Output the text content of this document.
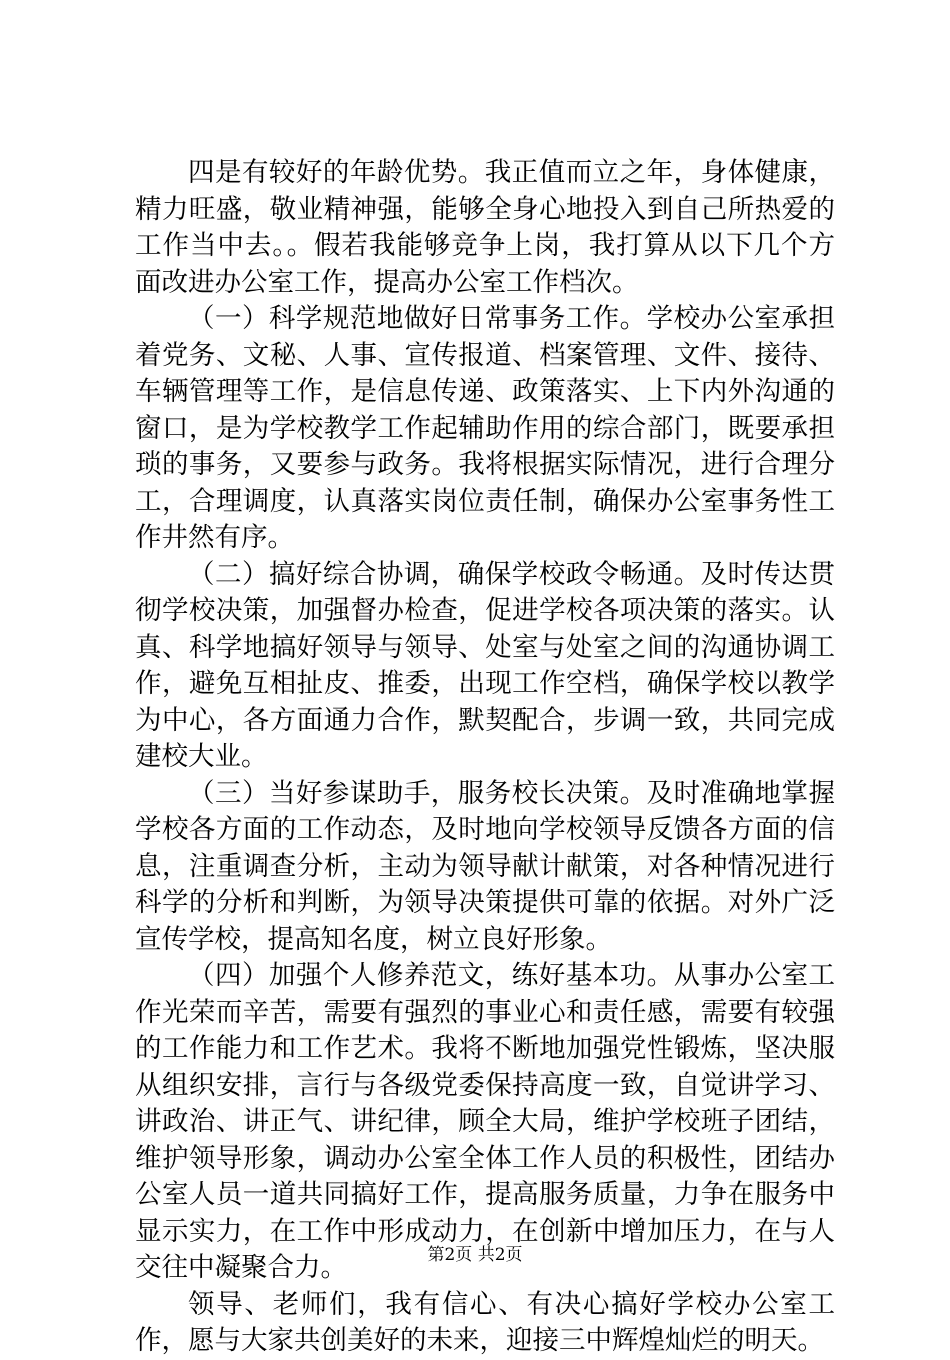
四是有较好的年龄优势。我正值而立之年，身体健康，精力旺盛，敬业精神强，能够全身心地投入到自己所热爱的工作当中去。。假若我能够竞争上岗，我打算从以下几个方面改进办公室工作，提高办公室工作档次。

（一）科学规范地做好日常事务工作。学校办公室承担着党务、文秘、人事、宣传报道、档案管理、文件、接待、车辆管理等工作，是信息传递、政策落实、上下内外沟通的窗口，是为学校教学工作起辅助作用的综合部门，既要承担琐的事务，又要参与政务。我将根据实际情况，进行合理分工，合理调度，认真落实岗位责任制，确保办公室事务性工作井然有序。

（二）搞好综合协调，确保学校政令畅通。及时传达贯彻学校决策，加强督办检查，促进学校各项决策的落实。认真、科学地搞好领导与领导、处室与处室之间的沟通协调工作，避免互相扯皮、推委，出现工作空档，确保学校以教学为中心，各方面通力合作，默契配合，步调一致，共同完成建校大业。

（三）当好参谋助手，服务校长决策。及时准确地掌握学校各方面的工作动态，及时地向学校领导反馈各方面的信息，注重调查分析，主动为领导献计献策，对各种情况进行科学的分析和判断，为领导决策提供可靠的依据。对外广泛宣传学校，提高知名度，树立良好形象。

（四）加强个人修养范文，练好基本功。从事办公室工作光荣而辛苦，需要有强烈的事业心和责任感，需要有较强的工作能力和工作艺术。我将不断地加强党性锻炼，坚决服从组织安排，言行与各级党委保持高度一致，自觉讲学习、讲政治、讲正气、讲纪律，顾全大局，维护学校班子团结，维护领导形象，调动办公室全体工作人员的积极性，团结办公室人员一道共同搞好工作，提高服务质量，力争在服务中显示实力，在工作中形成动力，在创新中增加压力，在与人交往中凝聚合力。

领导、老师们，我有信心、有决心搞好学校办公室工作，愿与大家共创美好的未来，迎接三中辉煌灿烂的明天。

第2页 共2页
